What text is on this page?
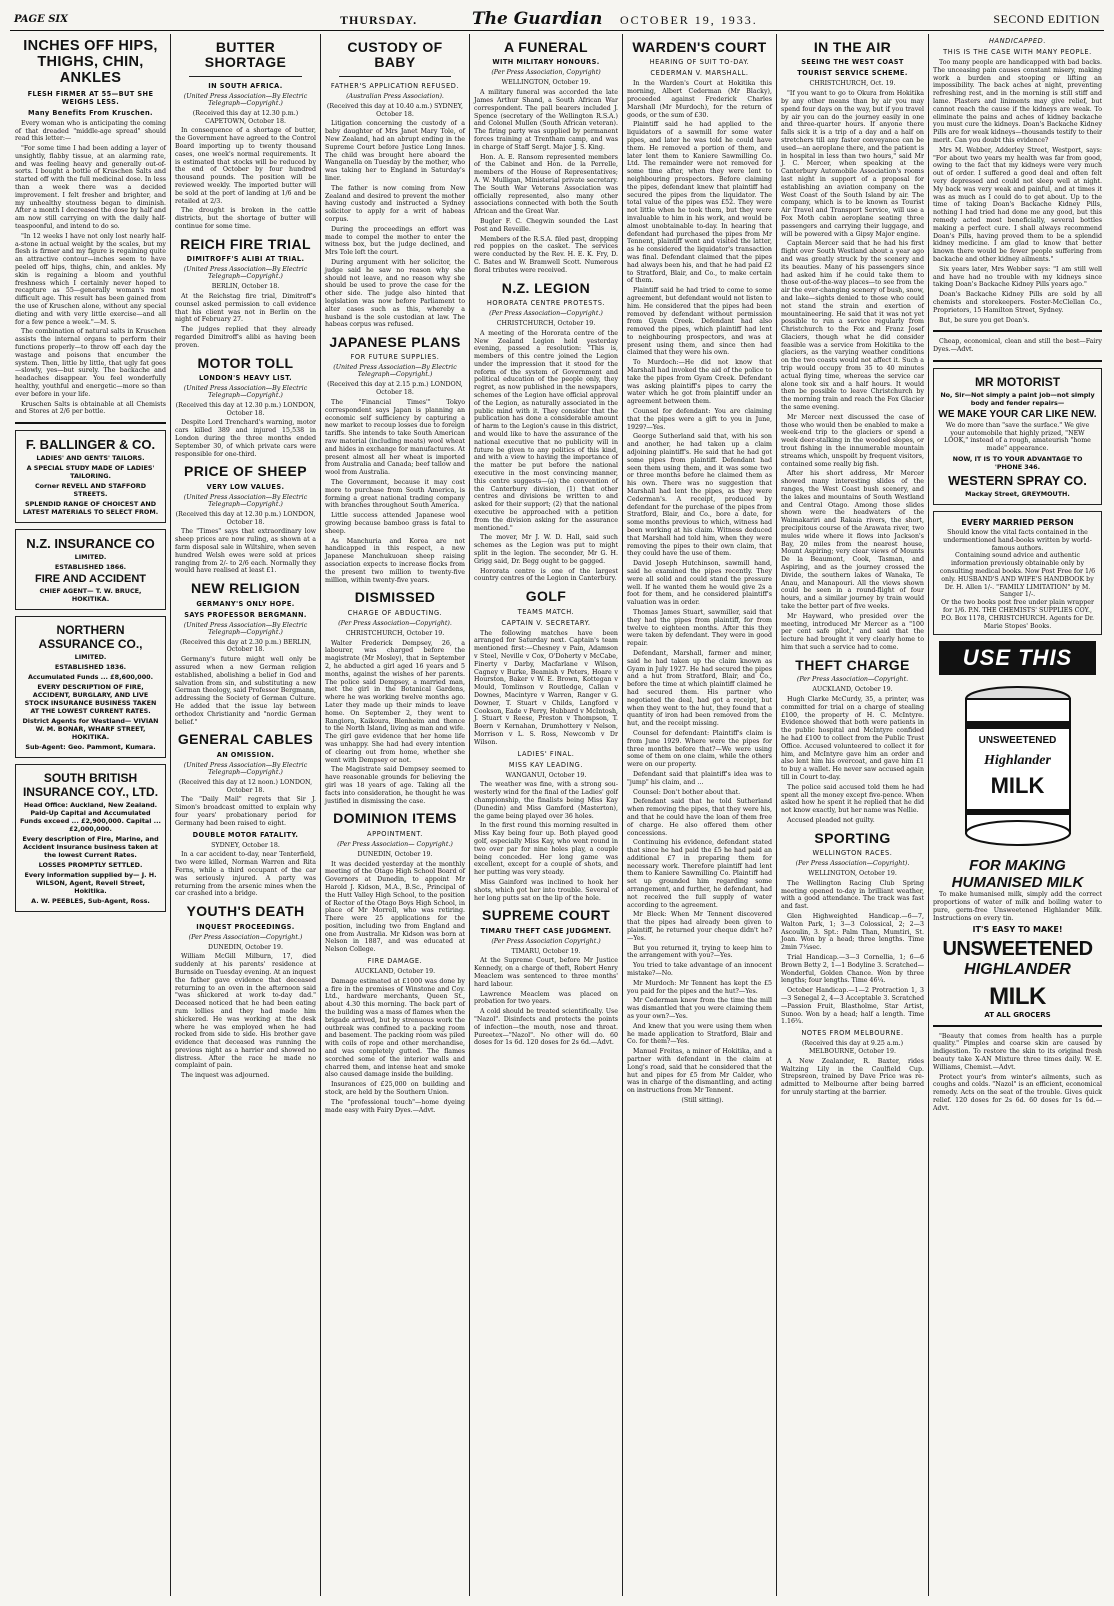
PAGE SIX	THURSDAY.	The Guardian OCTOBER 19, 1933.	SECOND EDITION
INCHES OFF HIPS, THIGHS, CHIN, ANKLES
FLESH FIRMER AT 55—BUT SHE WEIGHS LESS.
Many Benefits From Kruschen.

Every woman who is anticipating the coming of that dreaded "middle-age spread" should read this letter:—

"For some time I had been adding a layer of unsightly, flabby tissue, at an alarming rate, and was feeling heavy and generally out-of-sorts. I bought a bottle of Kruschen Salts and started off with the full medicinal dose. In less than a week there was a decided improvement. I felt fresher and brighter, and my unhealthy stoutness began to diminish. After a month I decreased the dose by half and am now still carrying on with the daily half-teaspoonful, and intend to do so.

"In 12 weeks I have not only lost nearly half-a-stone in actual weight by the scales, but my flesh is firmer and my figure is regaining quite an attractive contour—inches seem to have peeled off hips, thighs, chin, and ankles. My skin is regaining a bloom and youthful freshness which I certainly never hoped to recapture as 55—generally woman's most difficult age. This result has been gained from the use of Kruschen alone, without any special dieting and with very little exercise—and all for a few pence a week."—M. S.

The combination of natural salts in Kruschen assists the internal organs to perform their functions properly—to throw off each day the wastage and poisons that encumber the system. Then, little by little, that ugly fat goes—slowly, yes—but surely. The backache and headaches disappear. You feel wonderfully healthy, youthful and energetic—more so than ever before in your life.

Kruschen Salts is obtainable at all Chemists and Stores at 2/6 per bottle.

F. BALLINGER & CO.
LADIES' AND GENTS' TAILORS.
A SPECIAL STUDY MADE OF LADIES' TAILORING.
Corner REVELL AND STAFFORD STREETS.
SPLENDID RANGE OF CHOICEST AND LATEST MATERIALS TO SELECT FROM.
N.Z. INSURANCE CO
LIMITED.
ESTABLISHED 1866.
FIRE AND ACCIDENT
CHIEF AGENT— T. W. BRUCE, HOKITIKA.
NORTHERN ASSURANCE CO.,
LIMITED.
ESTABLISHED 1836.
Accumulated Funds ... £8,600,000.
EVERY DESCRIPTION OF FIRE, ACCIDENT, BURGLARY, AND LIVE STOCK INSURANCE BUSINESS TAKEN AT THE LOWEST CURRENT RATES.
District Agents for Westland— VIVIAN W. M. BONAR, WHARF STREET, HOKITIKA.
Sub-Agent: Geo. Pammont, Kumara.
SOUTH BRITISH INSURANCE COY., LTD.
Head Office: Auckland, New Zealand. Paid-Up Capital and Accumulated Funds exceed ... £2,900,000. Capital ... £2,000,000.
Every description of Fire, Marine, and Accident Insurance business taken at the lowest Current Rates.
LOSSES PROMPTLY SETTLED.
Every information supplied by— J. H. WILSON, Agent, Revell Street, Hokitika.
A. W. PEEBLES, Sub-Agent, Ross.
BUTTER SHORTAGE
IN SOUTH AFRICA.
(United Press Association—By Electric Telegraph—Copyright.)
(Received this day at 12.30 p.m.) CAPETOWN, October 18.

In consequence of a shortage of butter, the Government have agreed to the Control Board importing up to twenty thousand cases, one week's normal requirements. It is estimated that stocks will be reduced by the end of October by four hundred thousand pounds. The position will be reviewed weekly. The imported butter will be sold at the port of landing at 1/6 and be retailed at 2/3.

The drought is broken in the cattle districts, but the shortage of butter will continue for some time.

REICH FIRE TRIAL
DIMITROFF'S ALIBI AT TRIAL.
(United Press Association—By Electric Telegraph—Copyright.)
BERLIN, October 18.

At the Reichstag fire trial, Dimitroff's counsel asked permission to call evidence that his client was not in Berlin on the night of February 27.

The judges replied that they already regarded Dimitroff's alibi as having been proven.

MOTOR TOLL
LONDON'S HEAVY LIST.
(United Press Association—By Electric Telegraph—Copyright.)
(Received this day at 12.30 p.m.) LONDON, October 18.

Despite Lord Trenchard's warning, motor cars killed 389 and injured 15,538 in London during the three months ended September 30, of which private cars were responsible for one-third.

PRICE OF SHEEP
VERY LOW VALUES.
(United Press Association—By Electric Telegraph—Copyright.)
(Received this day at 12.30 p.m.) LONDON, October 18.

The "Times" says that extraordinary low sheep prices are now ruling, as shown at a farm disposal sale in Wiltshire, when seven hundred Welsh ewes were sold at prices ranging from 2/- to 2/6 each. Normally they would have realised at least £1.

NEW RELIGION
GERMANY'S ONLY HOPE.
SAYS PROFESSOR BERGMANN.
(United Press Association—By Electric Telegraph—Copyright.)
(Received this day at 2.30 p.m.) BERLIN, October 18.

Germany's future might well only be assured when a new German religion established, abolishing a belief in God and salvation from sin, and substituting a new German theology, said Professor Bergmann, addressing the Society of German Culture. He added that the issue lay between orthodox Christianity and "nordic German belief."

GENERAL CABLES
AN OMISSION.
(United Press Association—By Electric Telegraph—Copyright.)
(Received this day at 12 noon.) LONDON, October 18.

The "Daily Mail" regrets that Sir J. Simon's broadcast omitted to explain why four years' probationary period for Germany had been raised to eight.

DOUBLE MOTOR FATALITY.
SYDNEY, October 18.

In a car accident to-day, near Tenterfield, two were killed, Norman Warren and Rita Ferns, while a third occupant of the car was seriously injured. A party was returning from the arsenic mines when the car crashed into a bridge.

YOUTH'S DEATH
INQUEST PROCEEDINGS.
(Per Press Association—Copyright.)
DUNEDIN, October 19.

William McGill Milburn, 17, died suddenly at his parents' residence at Burnside on Tuesday evening. At an inquest the father gave evidence that deceased returning to an oven in the afternoon said "was shickered at work to-day dad." Deceased noticed that he had been eating rum lollies and they had made him shickered. He was working at the desk where he was employed when he had rocked from side to side. His brother gave evidence that deceased was running the previous night as a harrier and showed no distress. After the race he made no complaint of pain.

The inquest was adjourned.

CUSTODY OF BABY
FATHER'S APPLICATION REFUSED.
(Australian Press Association).
(Received this day at 10.40 a.m.) SYDNEY, October 18.

Litigation concerning the custody of a baby daughter of Mrs Janet Mary Tole, of New Zealand, had an abrupt ending in the Supreme Court before Justice Long Innes. The child was brought here aboard the Wanganella on Tuesday by the mother, who was taking her to England in Saturday's liner.

The father is now coming from New Zealand and desired to prevent the mother having custody and instructed a Sydney solicitor to apply for a writ of habeas corpus.

During the proceedings an effort was made to compel the mother to enter the witness box, but the judge declined, and Mrs Tole left the court.

During argument with her solicitor, the judge said he saw no reason why she should not leave, and no reason why she should be used to prove the case for the other side. The judge also hinted that legislation was now before Parliament to alter cases such as this, whereby a husband is the sole custodian at law. The habeas corpus was refused.

JAPANESE PLANS
FOR FUTURE SUPPLIES.
(United Press Association—By Electric Telegraph—Copyright.)
(Received this day at 2.15 p.m.) LONDON, October 18.

The "Financial Times'" Tokyo correspondent says Japan is planning an economic self sufficiency by capturing a new market to recoup losses due to foreign tariffs. She intends to take South American raw material (including meats) wool wheat and hides in exchange for manufactures. At present almost all her wheat is imported from Australia and Canada; beef tallow and wool from Australia.

The Government, because it may cost more to purchase from South America, is forming a great national trading company with branches throughout South America.

Little success attended Japanese wool growing because bamboo grass is fatal to sheep.

As Manchuria and Korea are not handicapped in this respect, a new Japanese Manchukuoan sheep raising association expects to increase flocks from the present two million to twenty-five million, within twenty-five years.

DISMISSED
CHARGE OF ABDUCTING.
(Per Press Association—Copyright).
CHRISTCHURCH, October 19.

Walter Frederick Dempsey, 26, a labourer, was charged before the magistrate (Mr Mosley), that in September 2, he abducted a girl aged 16 years and 5 months, against the wishes of her parents. The police said Dempsey, a married man, met the girl in the Botanical Gardens, where he was working twelve months ago. Later they made up their minds to leave home. On September 2, they went to Rangiora, Kaikoura, Blenheim and thence to the North Island, living as man and wife. The girl gave evidence that her home life was unhappy. She had had every intention of clearing out from home, whether she went with Dempsey or not.

The Magistrate said Dempsey seemed to have reasonable grounds for believing the girl was 18 years of age. Taking all the facts into consideration, he thought he was justified in dismissing the case.

DOMINION ITEMS
APPOINTMENT.
(Per Press Association— Copyright.)
DUNEDIN, October 19.

It was decided yesterday at the monthly meeting of the Otago High School Board of Governors at Dunedin, to appoint Mr Harold J. Kidson, M.A., B.Sc., Principal of the Hutt Valley High School, to the position of Rector of the Otago Boys High School, in place of Mr Morrell, who was retiring. There were 25 applications for the position, including two from England and one from Australia. Mr Kidson was born at Nelson in 1887, and was educated at Nelson College.

FIRE DAMAGE.
AUCKLAND, October 19.

Damage estimated at £1000 was done by a fire in the premises of Winstone and Coy. Ltd., hardware merchants, Queen St., about 4.30 this morning. The back part of the building was a mass of flames when the brigade arrived, but by strenuous work the outbreak was confined to a packing room and basement. The packing room was piled with coils of rope and other merchandise, and was completely gutted. The flames scorched some of the interior walls and charred them, and intense heat and smoke also caused damage inside the building.

Insurances of £25,000 on building and stock, are held by the Southern Union.

The "professional touch"—home dyeing made easy with Fairy Dyes.—Advt.

A FUNERAL
WITH MILITARY HONOURS.
(Per Press Association, Copyright)
WELLINGTON, October 19.

A military funeral was accorded the late James Arthur Shand, a South African War correspondent. The pall bearers included J. Spence (secretary of the Wellington R.S.A.) and Colonel Mullen (South African veteran). The firing party was supplied by permanent forces training at Trentham camp, and was in charge of Staff Sergt. Major J. S. King.

Hon. A. E. Ransom represented members of the Cabinet and Hon. de la Perrelle, members of the House of Representatives; A. W. Mulligan, Ministerial private secretary. The South War Veterans Association was officially represented, also many other associations connected with both the South African and the Great War.

Bugler F. C. Chegwin sounded the Last Post and Reveille.

Members of the R.S.A. filed past, dropping red poppies on the casket. The services were conducted by the Rev. H. E. K. Fry, D. C. Bates and W. Bramwell Scott. Numerous floral tributes were received.

N.Z. LEGION
HORORATA CENTRE PROTESTS.
(Per Press Association—Copyright.)
CHRISTCHURCH, October 19.

A meeting of the Hororata centre of the New Zealand Legion held yesterday evening, passed a resolution: "This is, members of this centre joined the Legion under the impression that it stood for the reform of the system of Government and political education of the people only, they regret, as now published in the newspapers, schemes of the Legion have official approval of the Legion, as naturally associated in the public mind with it. They consider that the publication has done a considerable amount of harm to the Legion's cause in this district, and would like to have the assurance of the national executive that no publicity will in future be given to any politics of this kind, and with a view to having the importance of the matter be put before the national executive in the most convincing manner, this centre suggests—(a) the convention of the Canterbury division, (1) that other centres and divisions be written to and asked for their support; (2) that the national executive be approached with a petition from the division asking for the assurance mentioned."

The mover, Mr J. W. D. Hall, said such schemes as the Legion was put to might split in the legion. The seconder, Mr G. H. Grigg said, Dr. Begg ought to be gagged.

Hororata centre is one of the largest country centres of the Legion in Canterbury.

GOLF
TEAMS MATCH.
CAPTAIN V. SECRETARY.

The following matches have been arranged for Saturday next. Captain's team mentioned first:—Chesney v Pain, Adamson v Steel, Neville v Cox, O'Doherty v McCabe, Finerty v Darby, Macfarlane v Wilson, Cagney v Burke, Beamish v Peters, Hoare v Hourston, Baker v W. E. Brown, Kottegan v Mould, Tomlinson v Routledge, Callan v Downes, Macintyre v Warren, Ranger v G. Downer, T. Stuart v Childs, Langford v Cookson, Eade v Perry, Hubbard v McIntosh, J. Stuart v Reese, Preston v Thompson, T. Boern v Kernahan, Drumhottery v Nelson, Morrison v L. S. Ross, Newcomb v Dr Wilson.

LADIES' FINAL.
MISS KAY LEADING.
WANGANUI, October 19.

The weather was fine, with a strong sou-westerly wind for the final of the Ladies' golf championship, the finalists being Miss Kay (Dunedin) and Miss Gamford (Masterton), the game being played over 36 holes.

In the first round this morning resulted in Miss Kay being four up. Both played good golf, especially Miss Kay, who went round in two over par for nine holes play, a couple being conceded. Her long game was excellent, except for a couple of shots, and her putting was very steady.

Miss Gainford was inclined to hook her shots, which got her into trouble. Several of her long putts sat on the lip of the hole.

SUPREME COURT
TIMARU THEFT CASE JUDGMENT.
(Per Press Association Copyright.)
TIMARU, October 19.

At the Supreme Court, before Mr Justice Kennedy, on a charge of theft, Robert Henry Meaclem was sentenced to three months' hard labour.

Lawrence Meaclem was placed on probation for two years.

A cold should be treated scientifically. Use "Nazol". Disinfects and protects the points of infection—the mouth, nose and throat. Pureetex—"Nazol". No other will do. 60 doses for 1s 6d. 120 doses for 2s 6d.—Advt.

WARDEN'S COURT
HEARING OF SUIT TO-DAY.
CEDERMAN V. MARSHALL.

In the Warden's Court at Hokitika this morning, Albert Cederman (Mr Blacky), proceeded against Frederick Charles Marshall (Mr Murdoch), for the return of goods, or the sum of £30.

Plaintiff said he had applied to the liquidators of a sawmill for some water pipes, and later he was told he could have them. He removed a portion of them, and later lent them to Kaniere Sawmilling Co. Ltd. The remainder were not removed for some time after, when they were lent to neighbouring prospectors. Before claiming the pipes, defendant knew that plaintiff had secured the pipes from the liquidator. The total value of the pipes was £52. They were not little when he took them, but they were invaluable to him in his work, and would be almost unobtainable to-day. In hearing that defendant had purchased the pipes from Mr Tennent, plaintiff went and visited the latter, as he considered the liquidator's transaction was final. Defendant claimed that the pipes had always been his, and that he had paid £2 to Stratford, Blair, and Co., to make certain of them.

Plaintiff said he had tried to come to some agreement, but defendant would not listen to him. He considered that the pipes had been removed by defendant without permission from Gyam Creek. Defendant had also removed the pipes, which plaintiff had lent to neighbouring prospectors, and was at present using them, and since then had claimed that they were his own.

To Murdoch:—He did not know that Marshall had invoked the aid of the police to take the pipes from Gyam Creek. Defendant was asking plaintiff's pipes to carry the water which he got from plaintiff under an agreement between them.

Counsel for defendant: You are claiming that the pipes were a gift to you in June, 1929?—Yes.

George Sutherland said that, with his son and another, he had taken up a claim adjoining plaintiff's. He said that he had got some pipes from plaintiff. Defendant had seen them using them, and it was some two or three months before he claimed them as his own. There was no suggestion that Marshall had lent the pipes, as they were Cederman's. A receipt, produced by defendant for the purchase of the pipes from Stratford, Blair, and Co., bore a date, for some months previous to which, witness had been working at his claim. Witness deduced that Marshall had told him, when they were removing the pipes to their own claim, that they could have the use of them.

David Joseph Hutchinson, sawmill hand, said he examined the pipes recently. They were all solid and could stand the pressure well. If he wanted them he would give 2s a foot for them, and he considered plaintiff's valuation was in order.

Thomas James Stuart, sawmiller, said that they had the pipes from plaintiff, for from twelve to eighteen months. After this they were taken by defendant. They were in good repair.

Defendant, Marshall, farmer and miner, said he had taken up the claim known as Gyam in July 1927. He had secured the pipes and a hut from Stratford, Blair, and Co., before the time at which plaintiff claimed he had secured them. His partner who negotiated the deal, had got a receipt, but when they went to the hut, they found that a quantity of iron had been removed from the hut, and the receipt missing.

Counsel for defendant: Plaintiff's claim is from June 1929. Where were the pipes for three months before that?—We were using some of them on one claim, while the others were on our property.

Defendant said that plaintiff's idea was to "jump" his claim, and …

Counsel: Don't bother about that.

Defendant said that he told Sutherland when removing the pipes, that they were his, and that he could have the loan of them free of charge. He also offered them other concessions.

Continuing his evidence, defendant stated that since he had paid the £5 he had paid an additional £7 in preparing them for necessary work. Therefore plaintiff had lent them to Kaniere Sawmilling Co. Plaintiff had set up grounded him regarding some arrangement, and further, he defendant, had not received the full supply of water according to the agreement.

Mr Bleck: When Mr Tennent discovered that the pipes had already been given to plaintiff, he returned your cheque didn't he?—Yes.

But you returned it, trying to keep him to the arrangement with you?—Yes.

You tried to take advantage of an innocent mistake?—No.

Mr Murdoch: Mr Tennent has kept the £5 you paid for the pipes and the hut?—Yes.

Mr Cederman knew from the time the mill was dismantled that you were claiming them as your own?—Yes.

And knew that you were using them when he made application to Stratford, Blair and Co. for them?—Yes.

Manuel Freitas, a miner of Hokitika, and a partner with defendant in the claim at Long's road, said that he considered that the hut and pipes for £5 from Mr Calder, who was in charge of the dismantling, and acting on instructions from Mr Tennent.

(Still sitting).

IN THE AIR
SEEING THE WEST COAST
TOURIST SERVICE SCHEME.
CHRISTCHURCH, Oct. 19.

"If you want to go to Okura from Hokitika by any other means than by air you may spend four days on the way, but if you travel by air you can do the journey easily in one and three-quarter hours. If anyone there falls sick it is a trip of a day and a half on stretchers till any faster conveyance can be used—an aeroplane there, and the patient is in hospital in less than two hours," said Mr J. C. Mercer, when speaking at the Canterbury Automobile Association's rooms last night in support of a proposal for establishing an aviation company on the West Coast of the South Island by air. The company, which is to be known as Tourist Air Travel and Transport Service, will use a Fox Moth cabin aeroplane seating three passengers and carrying their luggage, and will be powered with a Gipsy Major engine.

Captain Mercer said that he had his first flight over South Westland about a year ago and was greatly struck by the scenery and its beauties. Many of his passengers since had asked him if he could take them to those out-of-the-way places—to see from the air the ever-changing scenery of bush, snow, and lake—sights denied to those who could not stand the strain and exertion of mountaineering. He said that it was not yet possible to run a service regularly from Christchurch to the Fox and Franz Josef Glaciers, though what he did consider feasible was a service from Hokitika to the glaciers, as the varying weather conditions on the two coasts would not affect it. Such a trip would occupy from 35 to 40 minutes actual flying time, whereas the service car alone took six and a half hours. It would then be possible to leave Christchurch by the morning train and reach the Fox Glacier the same evening.

Mr Mercer next discussed the case of those who would then be enabled to make a week-end trip to the glaciers or spend a week deer-stalking in the wooded slopes, or trout fishing in the innumerable mountain streams which, unspoilt by frequent visitors, contained some really big fish.

After his short address, Mr Mercer showed many interesting slides of the ranges, the West Coast bush scenery, and the lakes and mountains of South Westland and Central Otago. Among those slides shown were the headwaters of the Waimakariri and Rakaia rivers, the short, precipitous course of the Arawata river, two mules wide where it flows into Jackson's Bay, 20 miles from the nearest house, Mount Aspiring; very clear views of Mounts De la Beaumont, Cook, Tasman, and Aspiring, and as the journey crossed the Divide, the southern lakes of Wanaka, Te Anau, and Manapouri. All the views shown could be seen in a round-flight of four hours, and a similar journey by train would take the better part of five weeks.

Mr Hayward, who presided over the meeting, introduced Mr Mercer as a "100 per cent safe pilot," and said that the lecture had brought it very clearly home to him that such a service had to come.

THEFT CHARGE
(Per Press Association—Copyright.
AUCKLAND, October 19.

Hugh Clarke McCurdy, 35, a printer, was committed for trial on a charge of stealing £100, the property of H. C. McIntyre. Evidence showed that both were patients in the public hospital and McIntyre confided he had £100 to collect from the Public Trust Office. Accused volunteered to collect it for him, and McIntyre gave him an order and also lent him his overcoat, and gave him £1 to buy a wallet. He never saw accused again till in Court to-day.

The police said accused told them he had spent all the money except five-pence. When asked how he spent it he replied that he did not know exactly, but her name was Nellie.

Accused pleaded not guilty.

SPORTING
WELLINGTON RACES.
(Per Press Association—Copyright).
WELLINGTON, October 19.

The Wellington Racing Club Spring meeting opened to-day in brilliant weather, with a good attendance. The track was fast and fast.

Glen Highweighted Handicap.—6—7, Walton Park, 1; 3—3 Colossical, 2; 2—3 Ascoulin, 3. Spt.: Palm Than, Mumtiri, St. Joan. Won by a head; three lengths. Time 2min 7¼sec.

Trial Handicap.—3—3 Cornellia, 1; 6—6 Brown Betty 2, 1—1 Bodyline 3. Scratched—Wonderful, Golden Chance. Won by three lengths; four lengths. Time 46¼.

October Handicap.—1—2 Protraction 1, 3—3 Senegal 2, 4—3 Acceptable 3. Scratched—Passion Fruit, Blastholme, Star Artist, Sunoo. Won by a head; half a length. Time 1.16¾.

NOTES FROM MELBOURNE.
(Received this day at 9.25 a.m.) MELBOURNE, October 19.

A New Zealander, R. Baxter, rides Waltzing Lily in the Caulfield Cup. Strepsreon, trained by Dave Price was re-admitted to Melbourne after being barred for unruly starting at the barrier.

HANDICAPPED.
THIS IS THE CASE WITH MANY PEOPLE.

Too many people are handicapped with bad backs. The unceasing pain causes constant misery, making work a burden and stooping or lifting an impossibility. The back aches at night, preventing refreshing rest, and in the morning is still stiff and lame. Plasters and liniments may give relief, but cannot reach the cause if the kidneys are weak. To eliminate the pains and aches of kidney backache you must cure the kidneys. Doan's Backache Kidney Pills are for weak kidneys—thousands testify to their merit. Can you doubt this evidence?

Mrs M. Webber, Adderley Street, Westport, says: "For about two years my health was far from good, owing to the fact that my kidneys were very much out of order. I suffered a good deal and often felt very depressed and could not sleep well at night. My back was very weak and painful, and at times it was as much as I could do to get about. Up to the time of taking Doan's Backache Kidney Pills, nothing I had tried had done me any good, but this remedy acted most beneficially, several bottles making a perfect cure. I shall always recommend Doan's Pills, having proved them to be a splendid kidney medicine. I am glad to know that better known there would be fewer people suffering from backache and other kidney ailments."

Six years later, Mrs Webber says: "I am still well and have had no trouble with my kidneys since taking Doan's Backache Kidney Pills years ago."

Doan's Backache Kidney Pills are sold by all chemists and storekeepers. Foster-McClellan Co., Proprietors, 15 Hamilton Street, Sydney.

But, be sure you get Doan's.

Cheap, economical, clean and still the best—Fairy Dyes.—Advt.

MR MOTORIST
No, Sir—Not simply a paint job—not simply body and fender repairs—
WE MAKE YOUR CAR LIKE NEW.
We do more than "save the surface." We give your automobile that highly prized, "NEW LOOK," instead of a rough, amateurish "home made" appearance.
NOW, IT IS TO YOUR ADVANTAGE TO 'PHONE 346.
WESTERN SPRAY CO.
Mackay Street, GREYMOUTH.
EVERY MARRIED PERSON
Should know the vital facts contained in the undermentioned hand-books written by world-famous authors.
Containing sound advice and authentic information previously obtainable only by consulting medical books. Now Post Free for 1/6 only. HUSBAND'S AND WIFE'S HANDBOOK by Dr. H. Allen 1/-. "FAMILY LIMITATION" by M. Sanger 1/-.
Or the two books post free under plain wrapper for 1/6. P.N. THE CHEMISTS' SUPPLIES COY., P.O. Box 1178, CHRISTCHURCH. Agents for Dr. Marie Stopes' Books.
USE THIS
UNSWEETENED
Highlander
MILK
FOR MAKING HUMANISED MILK

To make humanised milk, simply add the correct proportions of water of milk and boiling water to pure, germ-free Unsweetened Highlander Milk. Instructions on every tin.

IT'S EASY TO MAKE!
UNSWEETENED
HIGHLANDER
MILK
AT ALL GROCERS

"Beauty that comes from health has a purple quality." Pimples and coarse skin are caused by indigestion. To restore the skin to its original fresh beauty take X-AN Mixture three times daily. W. E. Williams, Chemist.—Advt.

Protect your's from winter's ailments, such as coughs and colds. "Nazol" is an efficient, economical remedy. Acts on the seat of the trouble. Gives quick relief. 120 doses for 2s 6d. 60 doses for 1s 6d.—Advt.
